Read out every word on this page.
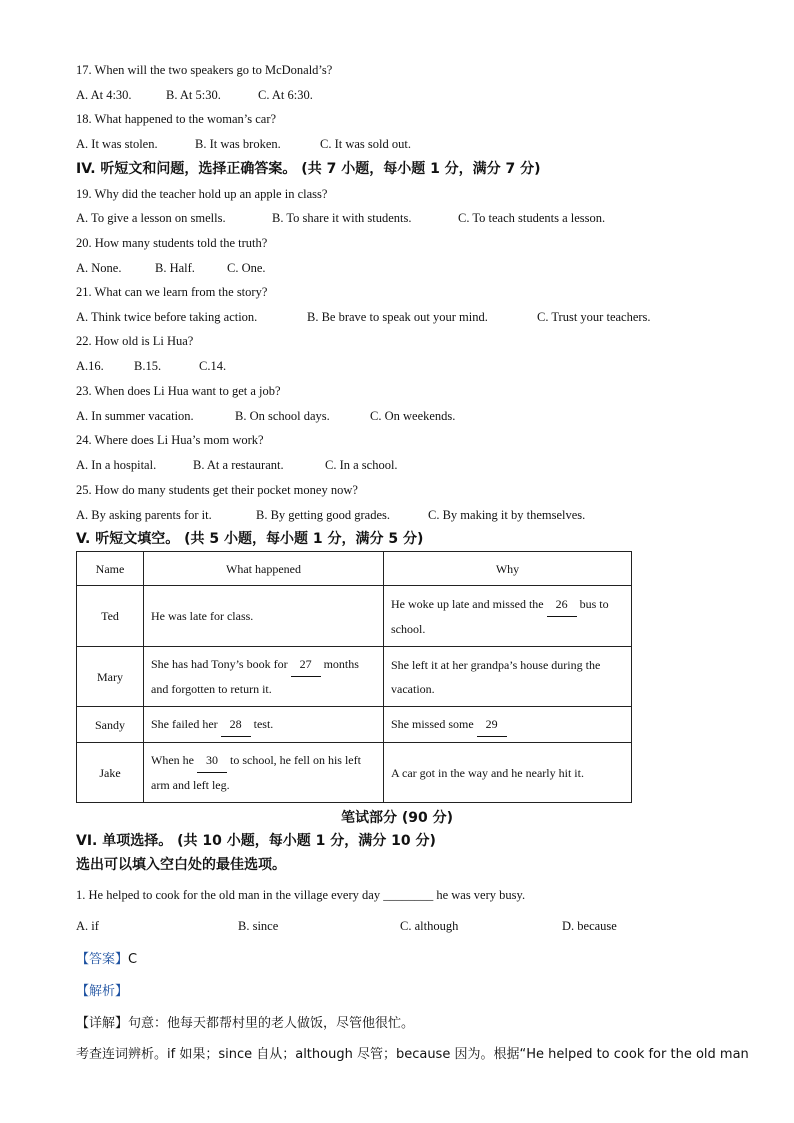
17. When will the two speakers go to McDonald’s?
A. At 4:30.	B. At 5:30.	C. At 6:30.
18. What happened to the woman’s car?
A. It was stolen.	B. It was broken.	C. It was sold out.
IV. 听短文和问题，选择正确答案。 (共 7 小题，每小题 1 分，满分 7 分)
19. Why did the teacher hold up an apple in class?
A. To give a lesson on smells.	B. To share it with students.	C. To teach students a lesson.
20. How many students told the truth?
A. None.	B. Half.	C. One.
21. What can we learn from the story?
A. Think twice before taking action.	B. Be brave to speak out your mind.	C. Trust your teachers.
22. How old is Li Hua?
A.16. B.15.	C.14.
23. When does Li Hua want to get a job?
A. In summer vacation.	B. On school days.	C. On weekends.
24. Where does Li Hua’s mom work?
A. In a hospital.	B. At a restaurant.	C. In a school.
25. How do many students get their pocket money now?
A. By asking parents for it.	B. By getting good grades.	C. By making it by themselves.
V. 听短文填空。 (共 5 小题，每小题 1 分，满分 5 分)
Name	What happened	Why
Ted	He was late for class.	He woke up late and missed the 26 bus to school.
Mary	She has had Tony’s book for 27 months and forgotten to return it.	She left it at her grandpa’s house during the vacation.
Sandy	She failed her 28 test.	She missed some 29
Jake	When he 30 to school, he fell on his left arm and left leg.	A car got in the way and he nearly hit it.
笔试部分 (90 分)
VI. 单项选择。 (共 10 小题，每小题 1 分，满分 10 分)
选出可以填入空白处的最佳选项。
1. He helped to cook for the old man in the village every day ________ he was very busy.
A. if	B. since	C. although	D. because
【答案】C
【解析】
【详解】句意：他每天都帮村里的老人做饭，尽管他很忙。
考查连词辨析。if 如果；since 自从；although 尽管；because 因为。根据“He helped to cook for the old man
